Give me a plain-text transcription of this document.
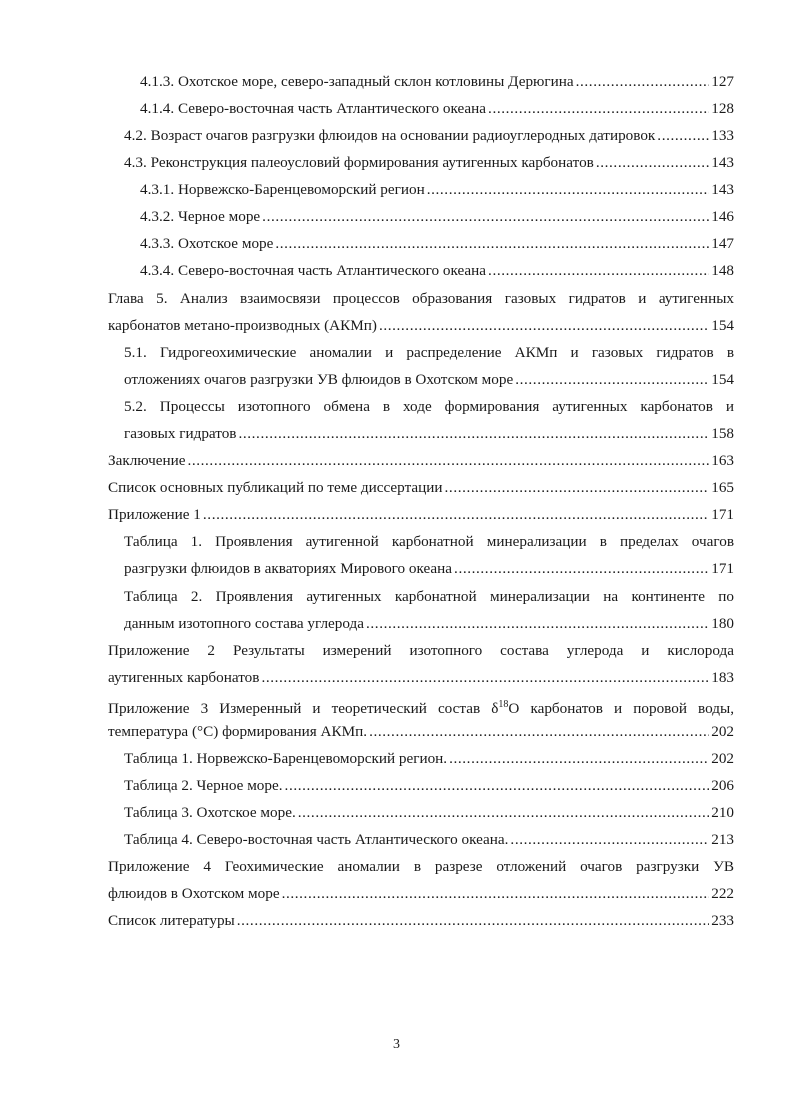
4.1.3. Охотское море, северо-западный склон котловины Дерюгина . . .	127
4.1.4. Северо-восточная часть Атлантического океана . . .	128
4.2. Возраст очагов разгрузки флюидов на основании радиоуглеродных датировок . . .	133
4.3. Реконструкция палеоусловий формирования аутигенных карбонатов . . .	143
4.3.1. Норвежско-Баренцевоморский регион . . .	143
4.3.2. Черное море . . .	146
4.3.3. Охотское море . . .	147
4.3.4. Северо-восточная часть Атлантического океана . . .	148
Глава 5. Анализ взаимосвязи процессов образования газовых гидратов и аутигенных
карбонатов метано-производных (АКМп) . . .	154
5.1. Гидрогеохимические аномалии и распределение АКМп и газовых гидратов в
отложениях очагов разгрузки УВ флюидов в Охотском море . . .	154
5.2. Процессы изотопного обмена в ходе формирования аутигенных карбонатов и
газовых гидратов . . .	158
Заключение . . .	163
Список основных публикаций по теме диссертации . . .	165
Приложение 1 . . .	171
Таблица 1. Проявления аутигенной карбонатной минерализации в пределах очагов
разгрузки флюидов в акваториях Мирового океана . . .	171
Таблица 2. Проявления аутигенных карбонатной минерализации на континенте по
данным изотопного состава углерода . . .	180
Приложение 2 Результаты измерений изотопного состава углерода и кислорода
аутигенных карбонатов . . .	183
Приложение 3 Измеренный и теоретический состав $\delta^{18}О$ карбонатов и поровой воды,
температура (°С) формирования АКМп. . . .	202
Таблица 1. Норвежско-Баренцевоморский регион. . . .	202
Таблица 2. Черное море. . . .	206
Таблица 3. Охотское море. . . .	210
Таблица 4. Северо-восточная часть Атлантического океана. . . .	213
Приложение 4 Геохимические аномалии в разрезе отложений очагов разгрузки УВ
флюидов в Охотском море . . .	222
Список литературы . . .	233
3
